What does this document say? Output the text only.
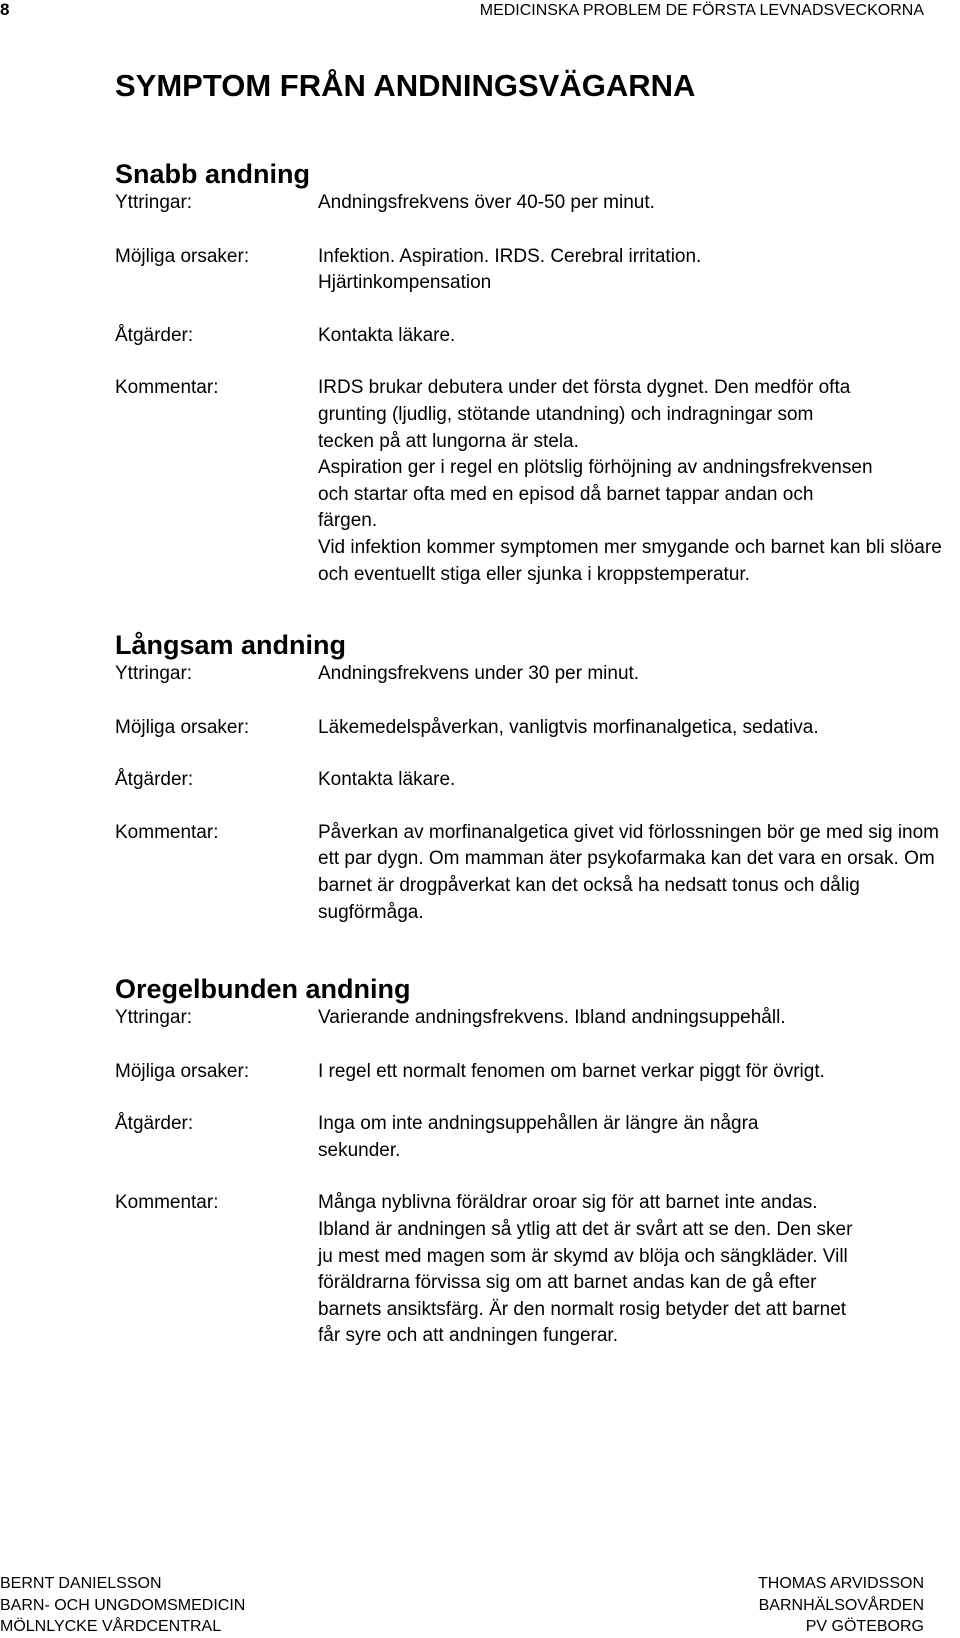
8	MEDICINSKA PROBLEM DE FÖRSTA LEVNADSVECKORNA
SYMPTOM FRÅN ANDNINGSVÄGARNA
Snabb andning
Yttringar:	Andningsfrekvens över 40-50 per minut.
Möjliga orsaker:	Infektion. Aspiration. IRDS. Cerebral irritation. Hjärtinkompensation
Åtgärder:	Kontakta läkare.
Kommentar:	IRDS brukar debutera under det första dygnet. Den medför ofta grunting (ljudlig, stötande utandning) och indragningar som tecken på att lungorna är stela.

Aspiration ger i regel en plötslig förhöjning av andningsfrekvensen och startar ofta med en episod då barnet tappar andan och färgen.

Vid infektion kommer symptomen mer smygande och barnet kan bli slöare och eventuellt stiga eller sjunka i kroppstemperatur.

Långsam andning
Yttringar:	Andningsfrekvens under 30 per minut.
Möjliga orsaker:	Läkemedelspåverkan, vanligtvis morfinanalgetica, sedativa.
Åtgärder:	Kontakta läkare.
Kommentar:	Påverkan av morfinanalgetica givet vid förlossningen bör ge med sig inom ett par dygn. Om mamman äter psykofarmaka kan det vara en orsak. Om barnet är drogpåverkat kan det också ha nedsatt tonus och dålig sugförmåga.

Oregelbunden andning
Yttringar:	Varierande andningsfrekvens. Ibland andningsuppehåll.
Möjliga orsaker:	I regel ett normalt fenomen om barnet verkar piggt för övrigt.
Åtgärder:	Inga om inte andningsuppehållen är längre än några sekunder.
Kommentar:	Många nyblivna föräldrar oroar sig för att barnet inte andas. Ibland är andningen så ytlig att det är svårt att se den. Den sker ju mest med magen som är skymd av blöja och sängkläder. Vill föräldrarna förvissa sig om att barnet andas kan de gå efter barnets ansiktsfärg. Är den normalt rosig betyder det att barnet får syre och att andningen fungerar.

BERNT DANIELSSON
BARN- OCH UNGDOMSMEDICIN
MÖLNLYCKE VÅRDCENTRAL
THOMAS ARVIDSSON
BARNHÄLSOVÅRDEN
PV GÖTEBORG
